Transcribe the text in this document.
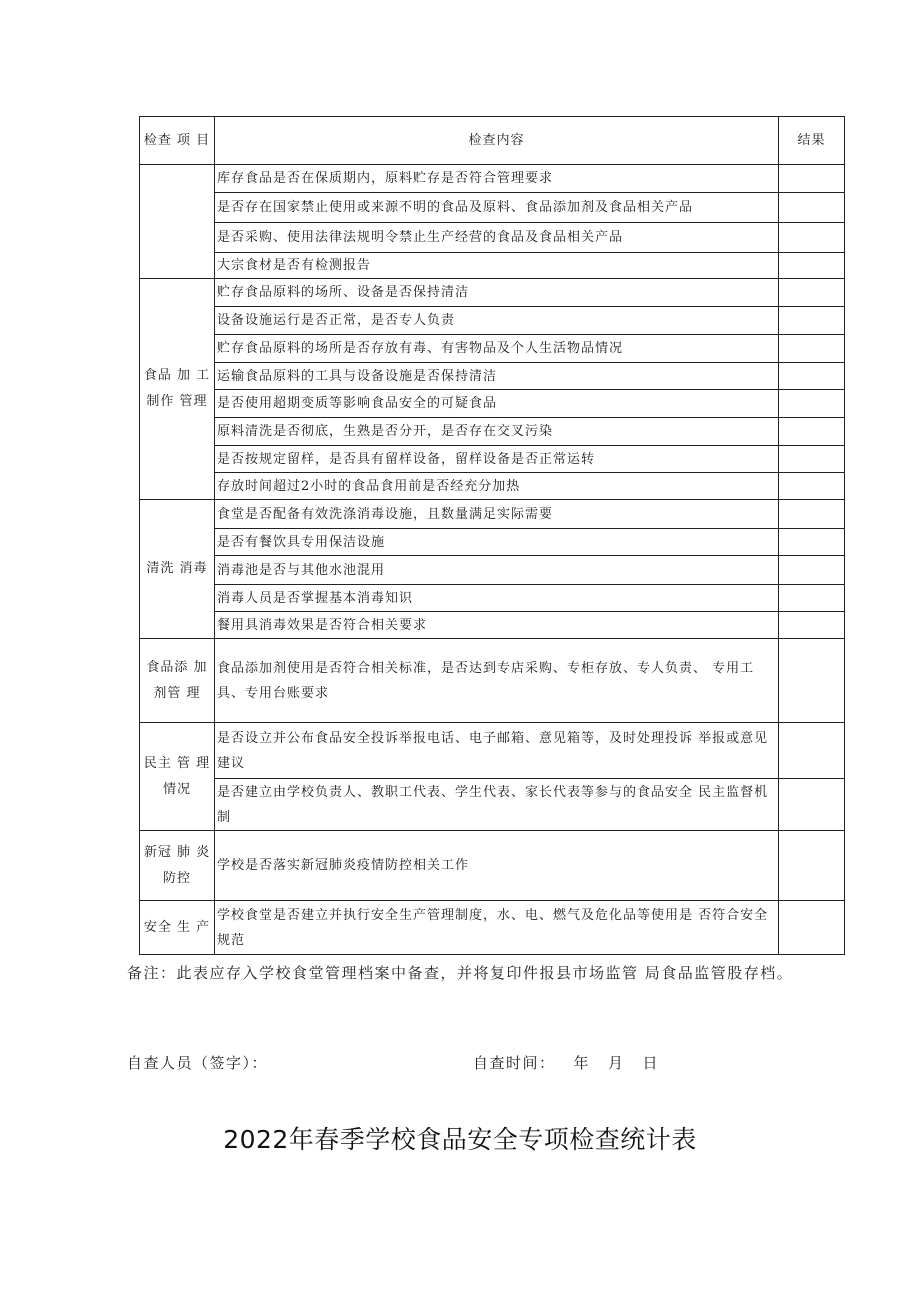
检查 项 目	检查内容	结果
	库存食品是否在保质期内，原料贮存是否符合管理要求	
	是否存在国家禁止使用或来源不明的食品及原料、食品添加剂及食品相关产品	
	是否采购、使用法律法规明令禁止生产经营的食品及食品相关产品	
	大宗食材是否有检测报告	
食品 加 工 制作 管理	贮存食品原料的场所、设备是否保持清洁	
	设备设施运行是否正常，是否专人负责	
	贮存食品原料的场所是否存放有毒、有害物品及个人生活物品情况	
	运输食品原料的工具与设备设施是否保持清洁	
	是否使用超期变质等影响食品安全的可疑食品	
	原料清洗是否彻底，生熟是否分开，是否存在交叉污染	
	是否按规定留样，是否具有留样设备，留样设备是否正常运转	
	存放时间超过2小时的食品食用前是否经充分加热	
清洗 消毒	食堂是否配备有效洗涤消毒设施，且数量满足实际需要	
	是否有餐饮具专用保洁设施	
	消毒池是否与其他水池混用	
	消毒人员是否掌握基本消毒知识	
	餐用具消毒效果是否符合相关要求	
食品添 加 剂管 理	食品添加剂使用是否符合相关标准，是否达到专店采购、专柜存放、专人负责、 专用工具、专用台账要求	
民主 管 理 情况	是否设立并公布食品安全投诉举报电话、电子邮箱、意见箱等，及时处理投诉 举报或意见建议	
	是否建立由学校负责人、教职工代表、学生代表、家长代表等参与的食品安全 民主监督机制	
新冠 肺 炎 防控	学校是否落实新冠肺炎疫情防控相关工作	
安全 生 产	学校食堂是否建立并执行安全生产管理制度，水、电、燃气及危化品等使用是 否符合安全规范	
备注：此表应存入学校食堂管理档案中备查，并将复印件报县市场监管 局食品监管股存档。
自查人员（签字）：	自查时间： 年 月 日
2022年春季学校食品安全专项检查统计表
